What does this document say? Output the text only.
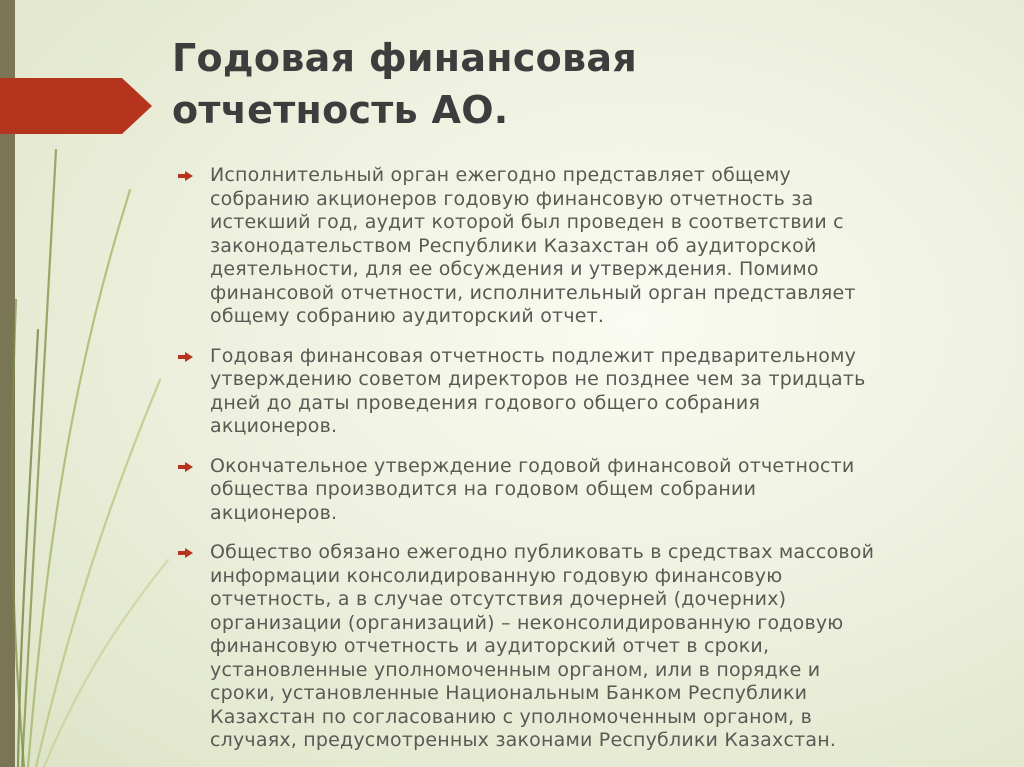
Годовая финансовая
отчетность АО.
Исполнительный орган ежегодно представляет общему
собранию акционеров годовую финансовую отчетность за
истекший год, аудит которой был проведен в соответствии с
законодательством Республики Казахстан об аудиторской
деятельности, для ее обсуждения и утверждения. Помимо
финансовой отчетности, исполнительный орган представляет
общему собранию аудиторский отчет.
Годовая финансовая отчетность подлежит предварительному
утверждению советом директоров не позднее чем за тридцать
дней до даты проведения годового общего собрания
акционеров.
Окончательное утверждение годовой финансовой отчетности
общества производится на годовом общем собрании
акционеров.
Общество обязано ежегодно публиковать в средствах массовой
информации консолидированную годовую финансовую
отчетность, а в случае отсутствия дочерней (дочерних)
организации (организаций) – неконсолидированную годовую
финансовую отчетность и аудиторский отчет в сроки,
установленные уполномоченным органом, или в порядке и
сроки, установленные Национальным Банком Республики
Казахстан по согласованию с уполномоченным органом, в
случаях, предусмотренных законами Республики Казахстан.
